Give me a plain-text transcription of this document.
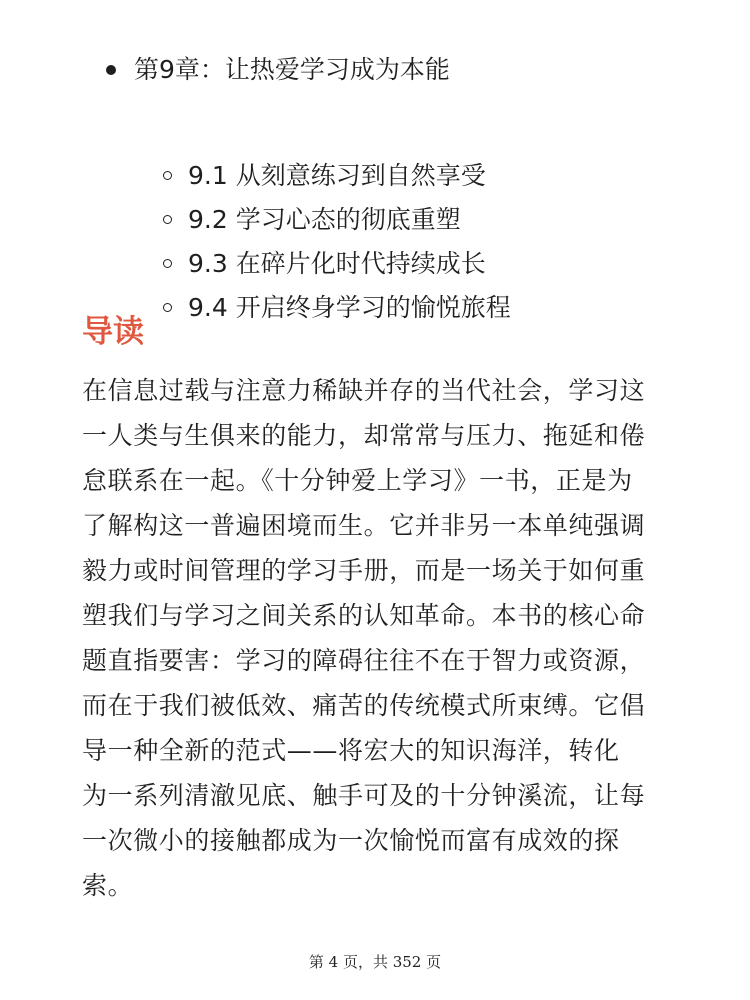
第9章：让热爱学习成为本能
9.1 从刻意练习到自然享受
9.2 学习心态的彻底重塑
9.3 在碎片化时代持续成长
9.4 开启终身学习的愉悦旅程
导读
在信息过载与注意力稀缺并存的当代社会，学习这
一人类与生俱来的能力，却常常与压力、拖延和倦
怠联系在一起。《十分钟爱上学习》一书，正是为
了解构这一普遍困境而生。它并非另一本单纯强调
毅力或时间管理的学习手册，而是一场关于如何重
塑我们与学习之间关系的认知革命。本书的核心命
题直指要害：学习的障碍往往不在于智力或资源，
而在于我们被低效、痛苦的传统模式所束缚。它倡
导一种全新的范式——将宏大的知识海洋，转化
为一系列清澈见底、触手可及的十分钟溪流，让每
一次微小的接触都成为一次愉悦而富有成效的探
索。
第 4 页，共 352 页
